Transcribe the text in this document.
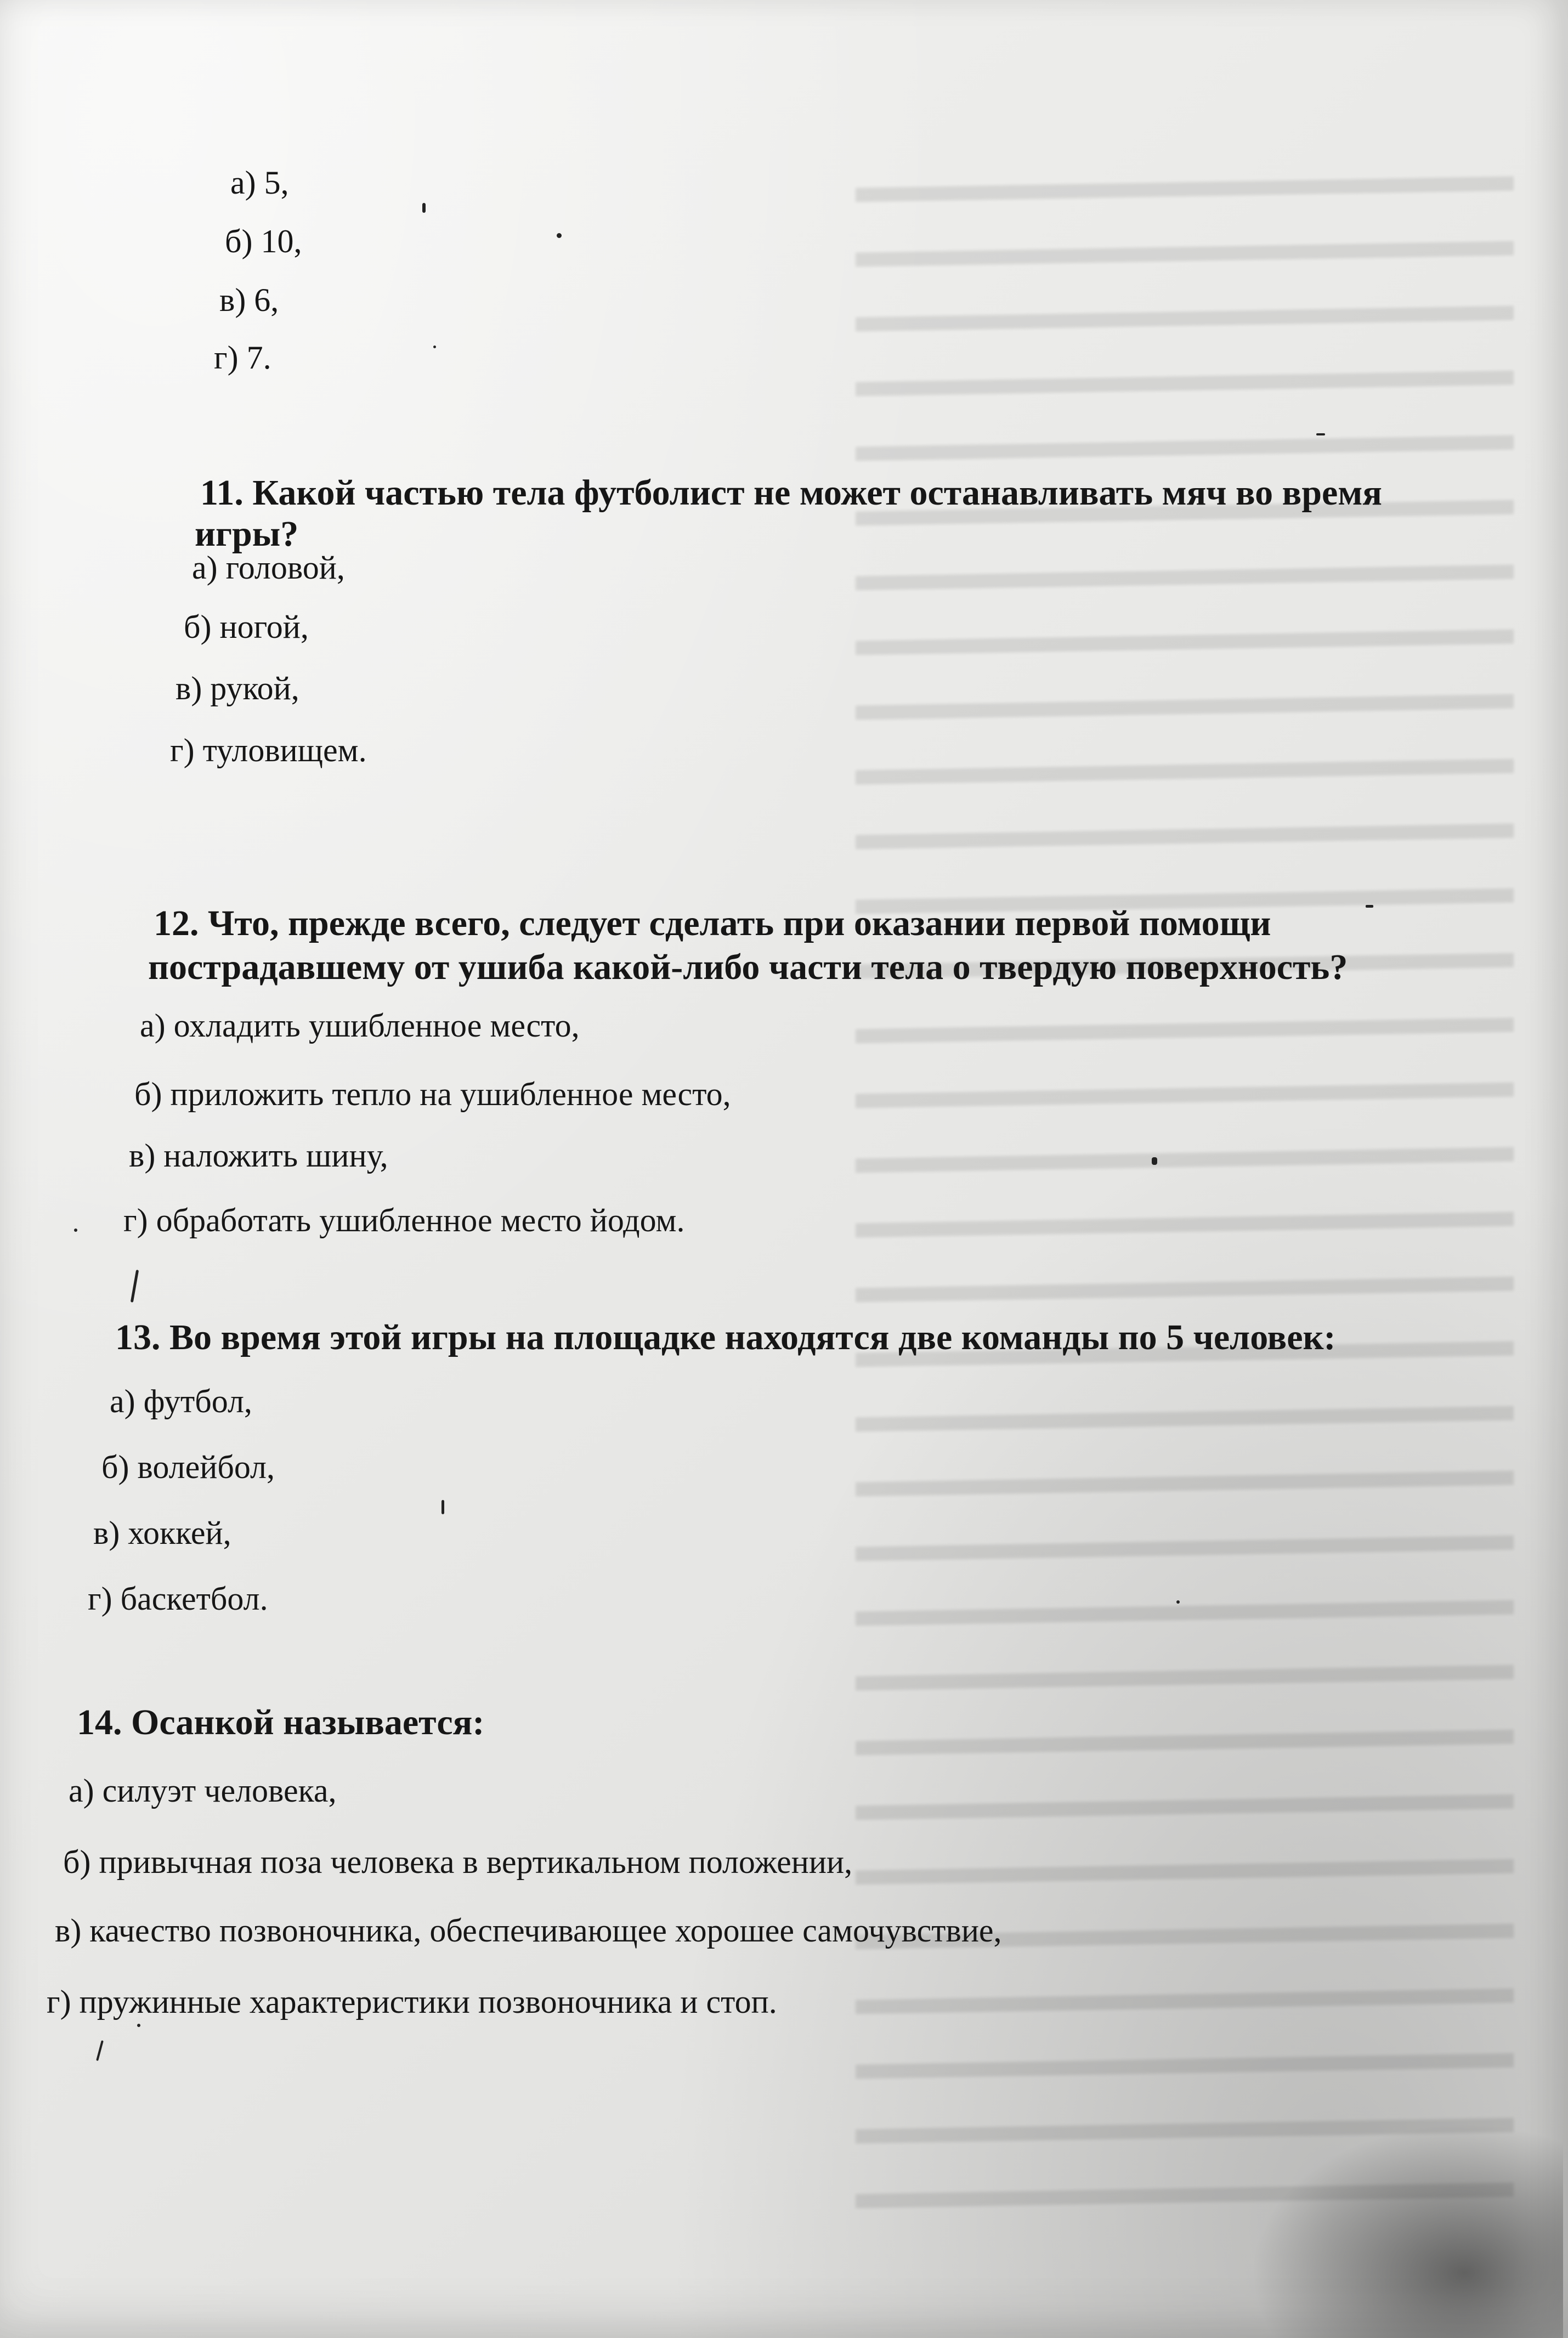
а) 5,

б) 10,

в) 6,

г) 7.

11. Какой частью тела футболист не может останавливать мяч во время

игры?

а) головой,

б) ногой,

в) рукой,

г) туловищем.

12. Что, прежде всего, следует сделать при оказании первой помощи

пострадавшему от ушиба какой-либо части тела о твердую поверхность?

а) охладить ушибленное место,

б) приложить тепло на ушибленное место,

в) наложить шину,

г) обработать ушибленное место йодом.

13. Во время этой игры на площадке находятся две команды по 5 человек:

а) футбол,

б) волейбол,

в) хоккей,

г) баскетбол.

14. Осанкой называется:

а) силуэт человека,

б) привычная поза человека в вертикальном положении,

в) качество позвоночника, обеспечивающее хорошее самочувствие,

г) пружинные характеристики позвоночника и стоп.
